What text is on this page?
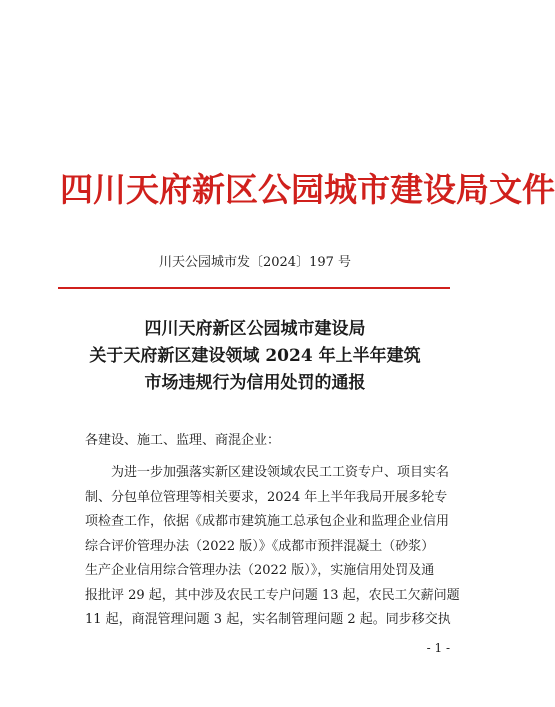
四川天府新区公园城市建设局文件
川天公园城市发〔2024〕197 号
四川天府新区公园城市建设局
关于天府新区建设领域 2024 年上半年建筑
市场违规行为信用处罚的通报
各建设、施工、监理、商混企业：
为进一步加强落实新区建设领域农民工工资专户、项目实名
制、分包单位管理等相关要求，2024 年上半年我局开展多轮专
项检查工作，依据《成都市建筑施工总承包企业和监理企业信用
综合评价管理办法（2022 版）》《成都市预拌混凝土（砂浆）
生产企业信用综合管理办法（2022 版）》，实施信用处罚及通
报批评 29 起，其中涉及农民工专户问题 13 起，农民工欠薪问题
11 起，商混管理问题 3 起，实名制管理问题 2 起。同步移交执
- 1 -
